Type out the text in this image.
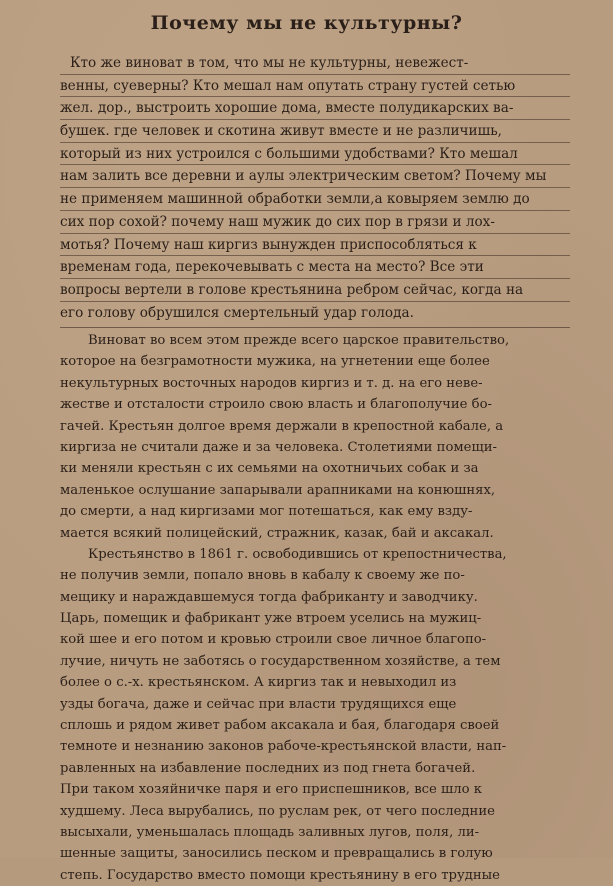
Почему мы не культурны?
Кто же виноват в том, что мы не культурны, невежест-
венны, суеверны? Кто мешал нам опутать страну густей сетью
жел. дор., выстроить хорошие дома, вместе полудикарских ва-
бушек. где человек и скотина живут вместе и не различишь,
который из них устроился с большими удобствами? Кто мешал
нам залить все деревни и аулы электрическим светом? Почему мы
не применяем машинной обработки земли,а ковыряем землю до
сих пор сохой? почему наш мужик до сих пор в грязи и лох-
мотья? Почему наш киргиз вынужден приспособляться к
временам года, перекочевывать с места на место? Все эти
вопросы вертели в голове крестьянина ребром сейчас, когда на
его голову обрушился смертельный удар голода.
Виноват во всем этом прежде всего царское правительство,
которое на безграмотности мужика, на угнетении еще более
некультурных восточных народов киргиз и т. д. на его неве-
жестве и отсталости строило свою власть и благополучие бо-
гачей. Крестьян долгое время держали в крепостной кабале, а
киргиза не считали даже и за человека. Столетиями помещи-
ки меняли крестьян с их семьями на охотничьих собак и за
маленькое ослушание запарывали арапниками на конюшнях,
до смерти, а над киргизами мог потешаться, как ему взду-
мается всякий полицейский, стражник, казак, бай и аксакал.
Крестьянство в 1861 г. освободившись от крепостничества,
не получив земли, попало вновь в кабалу к своему же по-
мещику и нараждавшемуся тогда фабриканту и заводчику.
Царь, помещик и фабрикант уже втроем уселись на мужиц-
кой шее и его потом и кровью строили свое личное благопо-
лучие, ничуть не заботясь о государственном хозяйстве, а тем
более о с.-х. крестьянском. А киргиз так и невыходил из
узды богача, даже и сейчас при власти трудящихся еще
сплошь и рядом живет рабом аксакала и бая, благодаря своей
темноте и незнанию законов рабоче-крестьянской власти, нап-
равленных на избавление последних из под гнета богачей.
При таком хозяйничке паря и его приспешников, все шло к
худшему. Леса вырубались, по руслам рек, от чего последние
высыхали, уменьшалась площадь заливных лугов, поля, ли-
шенные защиты, заносились песком и превращались в голую
степь. Государство вместо помощи крестьянину в его трудные
